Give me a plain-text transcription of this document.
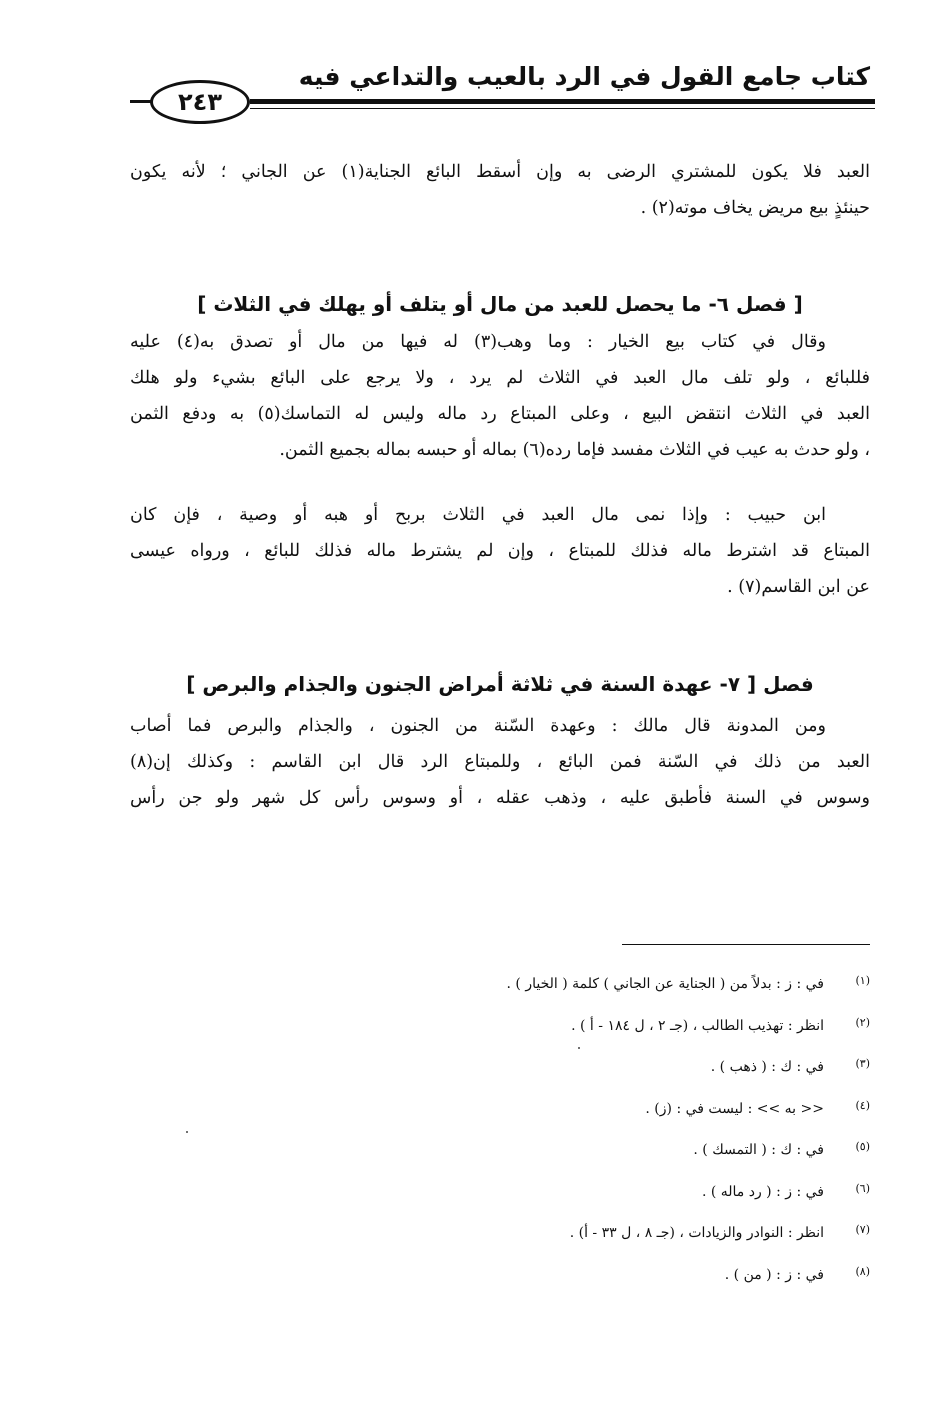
كتاب جامع القول في الرد بالعيب والتداعي فيه
٢٤٣
العبد فلا يكون للمشتري الرضى به وإن أسقط البائع الجناية(١) عن الجاني ؛ لأنه يكون
حينئذٍ بيع مريض يخاف موته(٢) .
[ فصل ٦- ما يحصل للعبد من مال أو يتلف أو يهلك في الثلاث ]
وقال في كتاب بيع الخيار : وما وهب(٣) له فيها من مال أو تصدق به(٤) عليه
فللبائع ، ولو تلف مال العبد في الثلاث لم يرد ، ولا يرجع على البائع بشيء ولو هلك
العبد في الثلاث انتقض البيع ، وعلى المبتاع رد ماله وليس له التماسك(٥) به ودفع الثمن
، ولو حدث به عيب في الثلاث مفسد فإما رده(٦) بماله أو حبسه بماله بجميع الثمن.
ابن حبيب : وإذا نمى مال العبد في الثلاث بربح أو هبه أو وصية ، فإن كان
المبتاع قد اشترط ماله فذلك للمبتاع ، وإن لم يشترط ماله فذلك للبائع ، ورواه عيسى
عن ابن القاسم(٧) .
فصل [ ٧- عهدة السنة في ثلاثة أمراض الجنون والجذام والبرص ]
ومن المدونة قال مالك : وعهدة السّنة من الجنون ، والجذام والبرص فما أصاب
العبد من ذلك في السّنة فمن البائع ، وللمبتاع الرد قال ابن القاسم : وكذلك إن(٨)
وسوس في السنة فأطبق عليه ، وذهب عقله ، أو وسوس رأس كل شهر ولو جن رأس
(١)في : ز : بدلاً من ( الجناية عن الجاني ) كلمة ( الخيار ) .
(٢)انظر : تهذيب الطالب ، (جـ ٢ ، ل ١٨٤ - أ ) .
(٣)في : ك : ( ذهب ) .
(٤)<< به >> : ليست في : (ز) .
(٥)في : ك : ( التمسك ) .
(٦)في : ز : ( رد ماله ) .
(٧)انظر : النوادر والزيادات ، (جـ ٨ ، ل ٣٣ - أ) .
(٨)في : ز : ( من ) .
